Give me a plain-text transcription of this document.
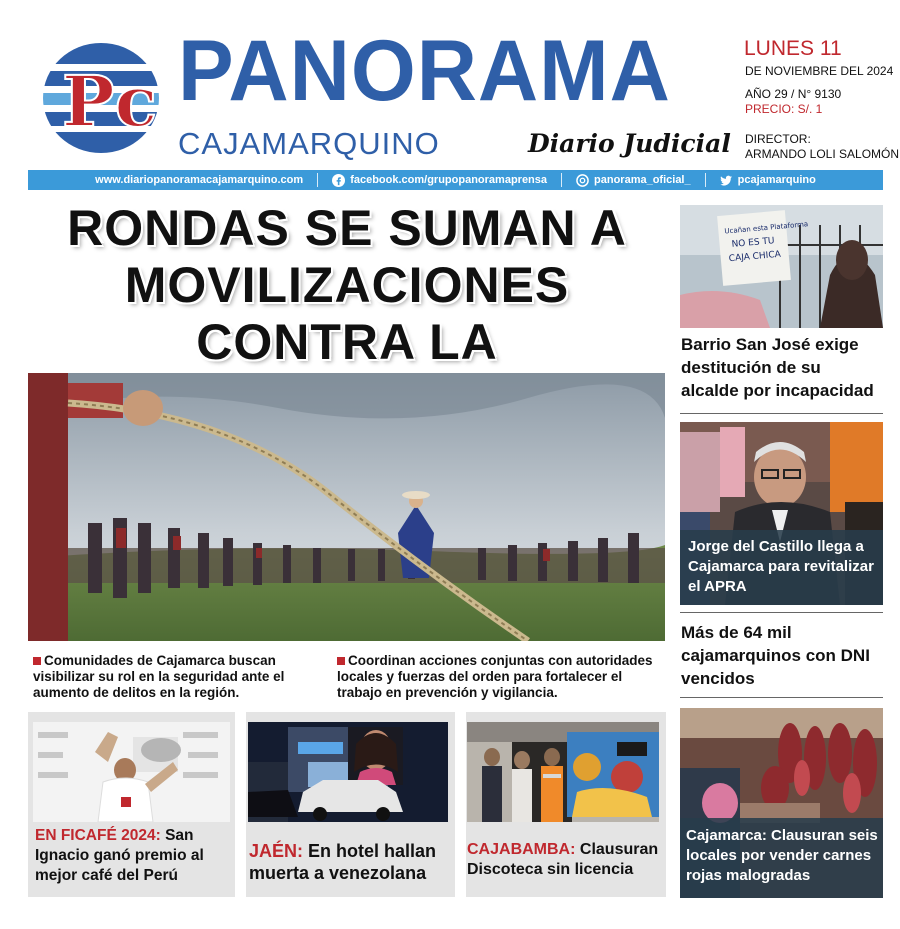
Pc PANORAMA
CAJAMARQUINO	Diario Judicial
LUNES 11
DE NOVIEMBRE DEL 2024
AÑO 29 / N° 9130
PRECIO: S/. 1
DIRECTOR:
ARMANDO LOLI SALOMÓN
www.diariopanoramacajamarquino.com	facebook.com/grupopanoramaprensa	panorama_oficial_	pcajamarquino
RONDAS SE SUMAN A
MOVILIZACIONES CONTRA LA
Comunidades de Cajamarca buscan visibilizar su rol en la seguridad ante el aumento de delitos en la región.
Coordinan acciones conjuntas con autoridades locales y fuerzas del orden para fortalecer el trabajo en prevención y vigilancia.
Ucañan esta Plataforma
NO ES TU
CAJA CHICA
Barrio San José exige destitución de su alcalde por incapacidad
Jorge del Castillo llega a Cajamarca para revitalizar el APRA
Más de 64 mil cajamarquinos con DNI vencidos
Cajamarca: Clausuran seis locales por vender carnes rojas malogradas
EN FICAFÉ 2024: San Ignacio ganó premio al mejor café del Perú
JAÉN: En hotel hallan muerta a venezolana
CAJABAMBA: Clausuran Discoteca sin licencia
